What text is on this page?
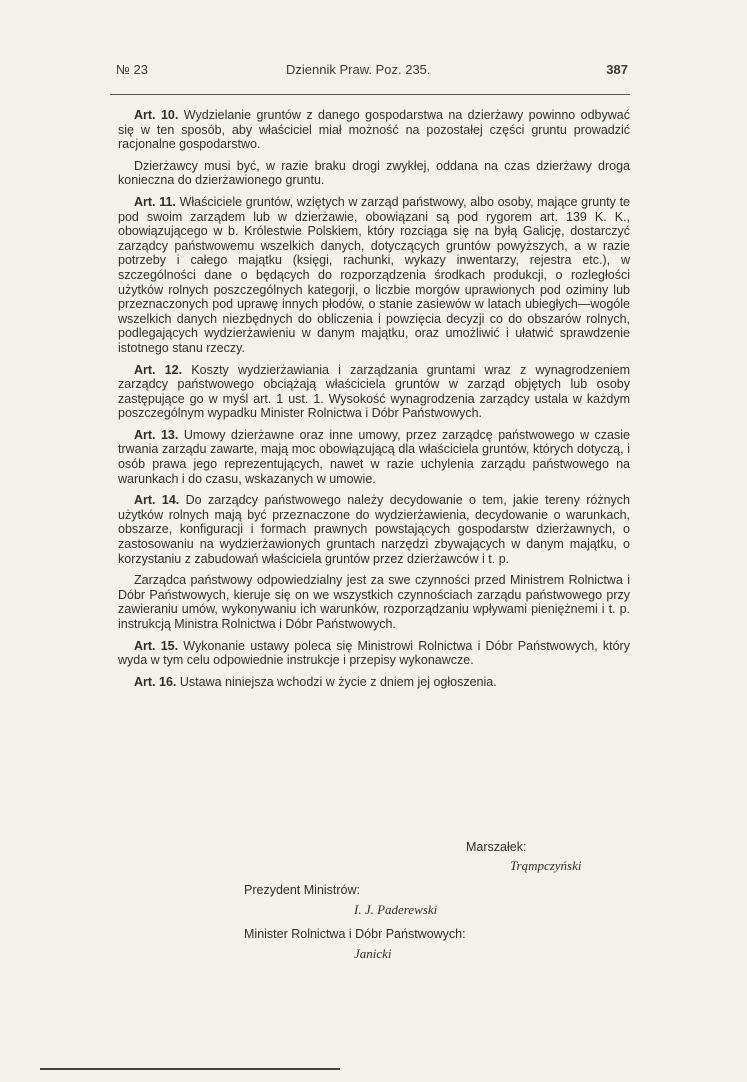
№ 23	Dziennik Praw. Poz. 235.	387

Art. 10. Wydzielanie gruntów z danego gospodarstwa na dzierżawy powinno odbywać się w ten sposób, aby właściciel miał możność na pozostałej części gruntu prowadzić racjonalne gospodarstwo.

Dzierżawcy musi być, w razie braku drogi zwykłej, oddana na czas dzierżawy droga konieczna do dzierżawionego gruntu.

Art. 11. Właściciele gruntów, wziętych w zarząd państwowy, albo osoby, mające grunty te pod swoim zarządem lub w dzierżawie, obowiązani są pod rygorem art. 139 K. K., obowiązującego w b. Królestwie Polskiem, który rozciąga się na byłą Galicję, dostarczyć zarządcy państwowemu wszelkich danych, dotyczących gruntów powyższych, a w razie potrzeby i całego majątku (księgi, rachunki, wykazy inwentarzy, rejestra etc.), w szczególności dane o będących do rozporządzenia środkach produkcji, o rozległości użytków rolnych poszczególnych kategorji, o liczbie morgów uprawionych pod oziminy lub przeznaczonych pod uprawę innych płodów, o stanie zasiewów w latach ubiegłych—wogóle wszelkich danych niezbędnych do obliczenia i powzięcia decyzji co do obszarów rolnych, podlegających wydzierżawieniu w danym majątku, oraz umożliwić i ułatwić sprawdzenie istotnego stanu rzeczy.

Art. 12. Koszty wydzierżawiania i zarządzania gruntami wraz z wynagrodzeniem zarządcy państwowego obciążają właściciela gruntów w zarząd objętych lub osoby zastępujące go w myśl art. 1 ust. 1. Wysokość wynagrodzenia zarządcy ustala w każdym poszczególnym wypadku Minister Rolnictwa i Dóbr Państwowych.

Art. 13. Umowy dzierżawne oraz inne umowy, przez zarządcę państwowego w czasie trwania zarządu zawarte, mają moc obowiązującą dla właściciela gruntów, których dotyczą, i osób prawa jego reprezentujących, nawet w razie uchylenia zarządu państwowego na warunkach i do czasu, wskazanych w umowie.

Art. 14. Do zarządcy państwowego należy decydowanie o tem, jakie tereny różnych użytków rolnych mają być przeznaczone do wydzierżawienia, decydowanie o warunkach, obszarze, konfiguracji i formach prawnych powstających gospodarstw dzierżawnych, o zastosowaniu na wydzierżawionych gruntach narzędzi zbywających w danym majątku, o korzystaniu z zabudowań właściciela gruntów przez dzierżawców i t. p.

Zarządca państwowy odpowiedzialny jest za swe czynności przed Ministrem Rolnictwa i Dóbr Państwowych, kieruje się on we wszystkich czynnościach zarządu państwowego przy zawieraniu umów, wykonywaniu ich warunków, rozporządzaniu wpływami pieniężnemi i t. p. instrukcją Ministra Rolnictwa i Dóbr Państwowych.

Art. 15. Wykonanie ustawy poleca się Ministrowi Rolnictwa i Dóbr Państwowych, który wyda w tym celu odpowiednie instrukcje i przepisy wykonawcze.

Art. 16. Ustawa niniejsza wchodzi w życie z dniem jej ogłoszenia.

Marszałek:
Trąmpczyński
Prezydent Ministrów:
I. J. Paderewski
Minister Rolnictwa i Dóbr Państwowych:
Janicki
